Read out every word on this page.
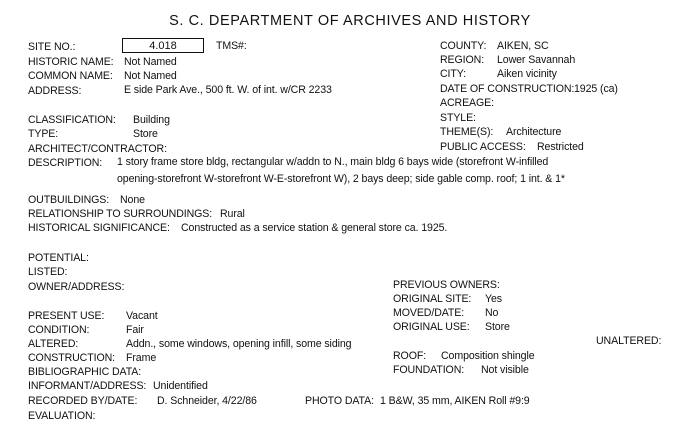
S. C. DEPARTMENT OF ARCHIVES AND HISTORY
SITE NO.:	4.018	TMS#:	COUNTY: AIKEN, SC
HISTORIC NAME: Not Named	REGION: Lower Savannah
COMMON NAME: Not Named	CITY:	Aiken vicinity
ADDRESS:	E side Park Ave., 500 ft. W. of int. w/CR 2233	DATE OF CONSTRUCTION: 1925 (ca)
ACREAGE:
CLASSIFICATION: Building	STYLE:
TYPE:	Store	THEME(S): Architecture
ARCHITECT/CONTRACTOR:	PUBLIC ACCESS: Restricted
DESCRIPTION: 1 story frame store bldg, rectangular w/addn to N., main bldg 6 bays wide (storefront W-infilled
opening-storefront W-storefront W-E-storefront W), 2 bays deep; side gable comp. roof; 1 int. & 1*
OUTBUILDINGS: None
RELATIONSHIP TO SURROUNDINGS: Rural
HISTORICAL SIGNIFICANCE: Constructed as a service station & general store ca. 1925.
POTENTIAL:
LISTED:
OWNER/ADDRESS:	PREVIOUS OWNERS:
ORIGINAL SITE: Yes
PRESENT USE: Vacant	MOVED/DATE: No
CONDITION:	Fair	ORIGINAL USE: Store
ALTERED:	Addn., some windows, opening infill, some siding	UNALTERED:
CONSTRUCTION: Frame	ROOF: Composition shingle
BIBLIOGRAPHIC DATA:	FOUNDATION: Not visible
INFORMANT/ADDRESS: Unidentified
RECORDED BY/DATE: D. Schneider, 4/22/86	PHOTO DATA: 1 B&W, 35 mm, AIKEN Roll #9:9
EVALUATION:
